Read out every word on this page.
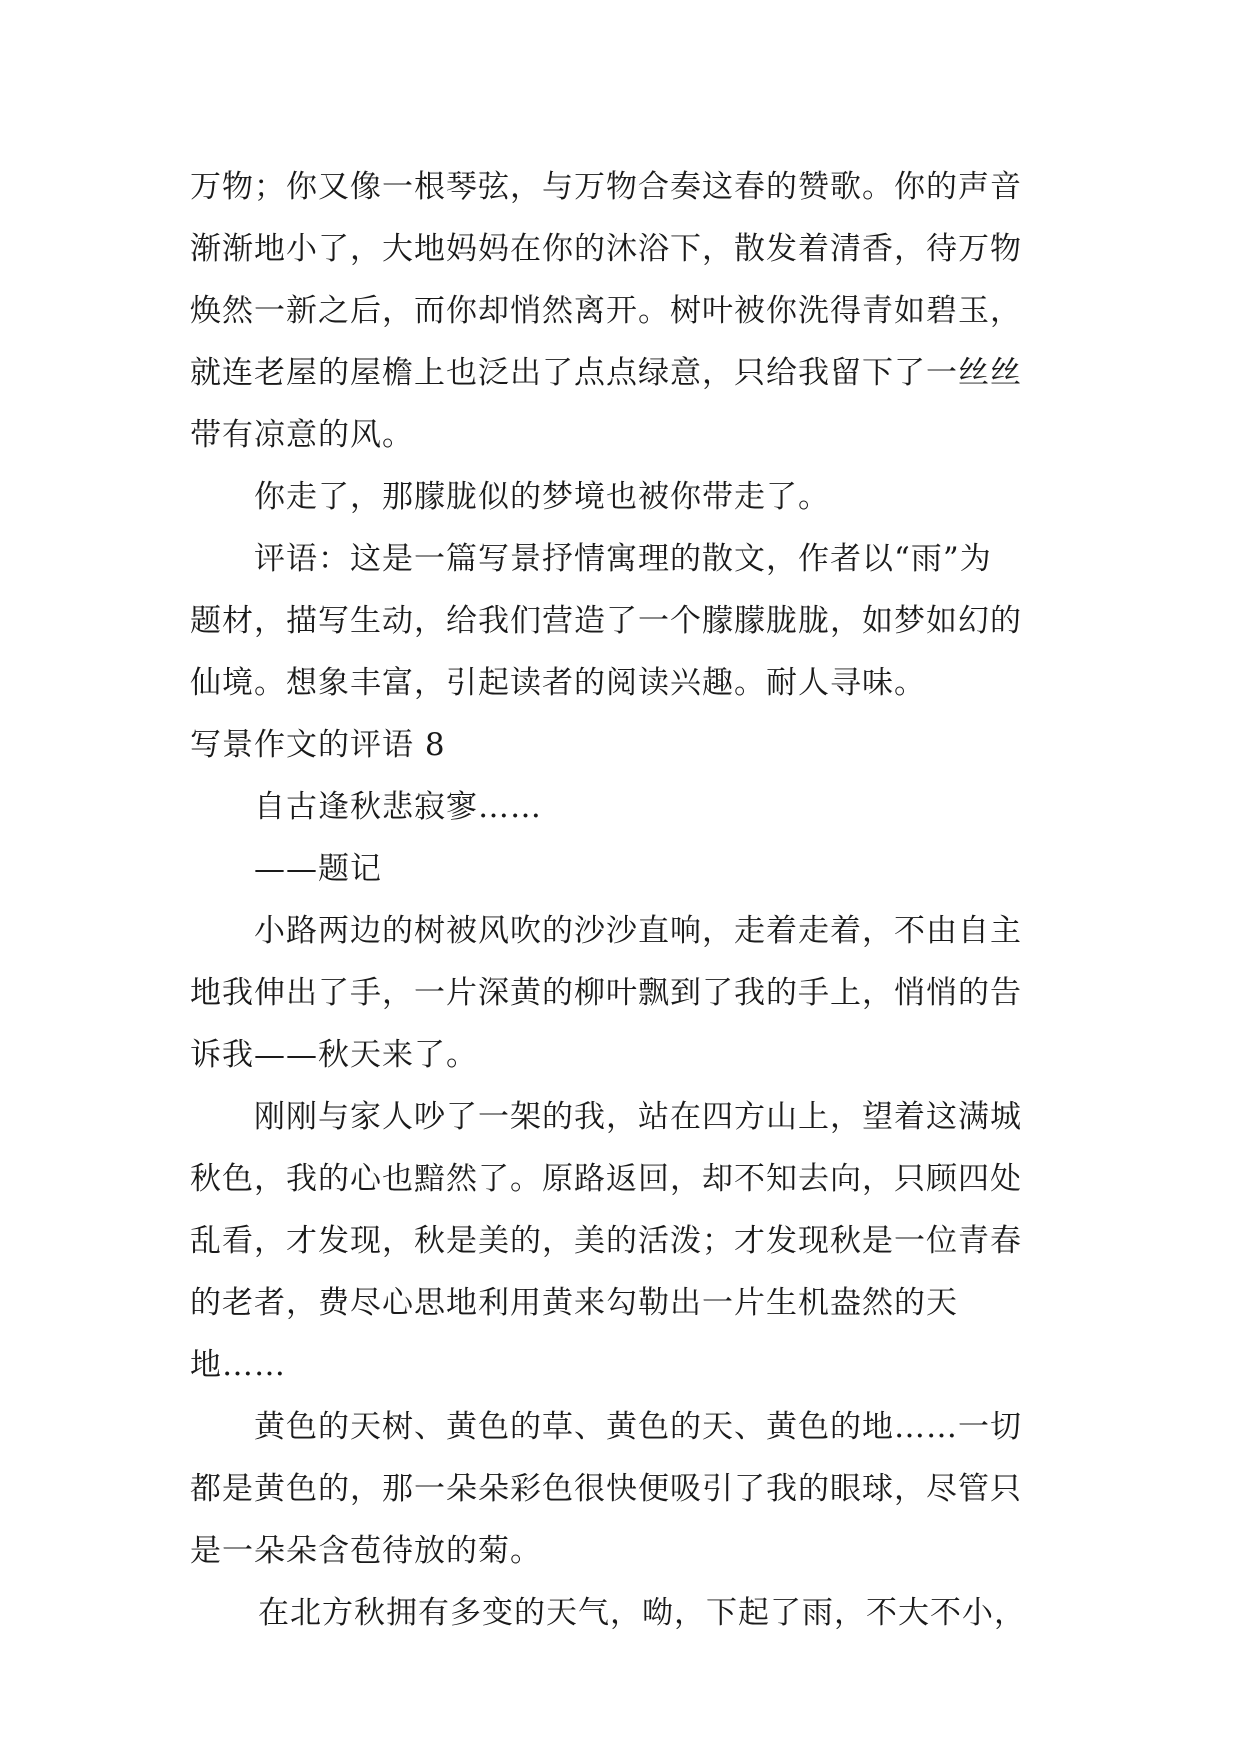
万物；你又像一根琴弦，与万物合奏这春的赞歌。你的声音
渐渐地小了，大地妈妈在你的沐浴下，散发着清香，待万物
焕然一新之后，而你却悄然离开。树叶被你洗得青如碧玉，
就连老屋的屋檐上也泛出了点点绿意，只给我留下了一丝丝
带有凉意的风。
你走了，那朦胧似的梦境也被你带走了。
评语：这是一篇写景抒情寓理的散文，作者以“雨”为
题材，描写生动，给我们营造了一个朦朦胧胧，如梦如幻的
仙境。想象丰富，引起读者的阅读兴趣。耐人寻味。
写景作文的评语 8
自古逢秋悲寂寥……
——题记
小路两边的树被风吹的沙沙直响，走着走着，不由自主
地我伸出了手，一片深黄的柳叶飘到了我的手上，悄悄的告
诉我——秋天来了。
刚刚与家人吵了一架的我，站在四方山上，望着这满城
秋色，我的心也黯然了。原路返回，却不知去向，只顾四处
乱看，才发现，秋是美的，美的活泼；才发现秋是一位青春
的老者，费尽心思地利用黄来勾勒出一片生机盎然的天
地……
黄色的天树、黄色的草、黄色的天、黄色的地……一切
都是黄色的，那一朵朵彩色很快便吸引了我的眼球，尽管只
是一朵朵含苞待放的菊。
在北方秋拥有多变的天气，呦，下起了雨，不大不小，
